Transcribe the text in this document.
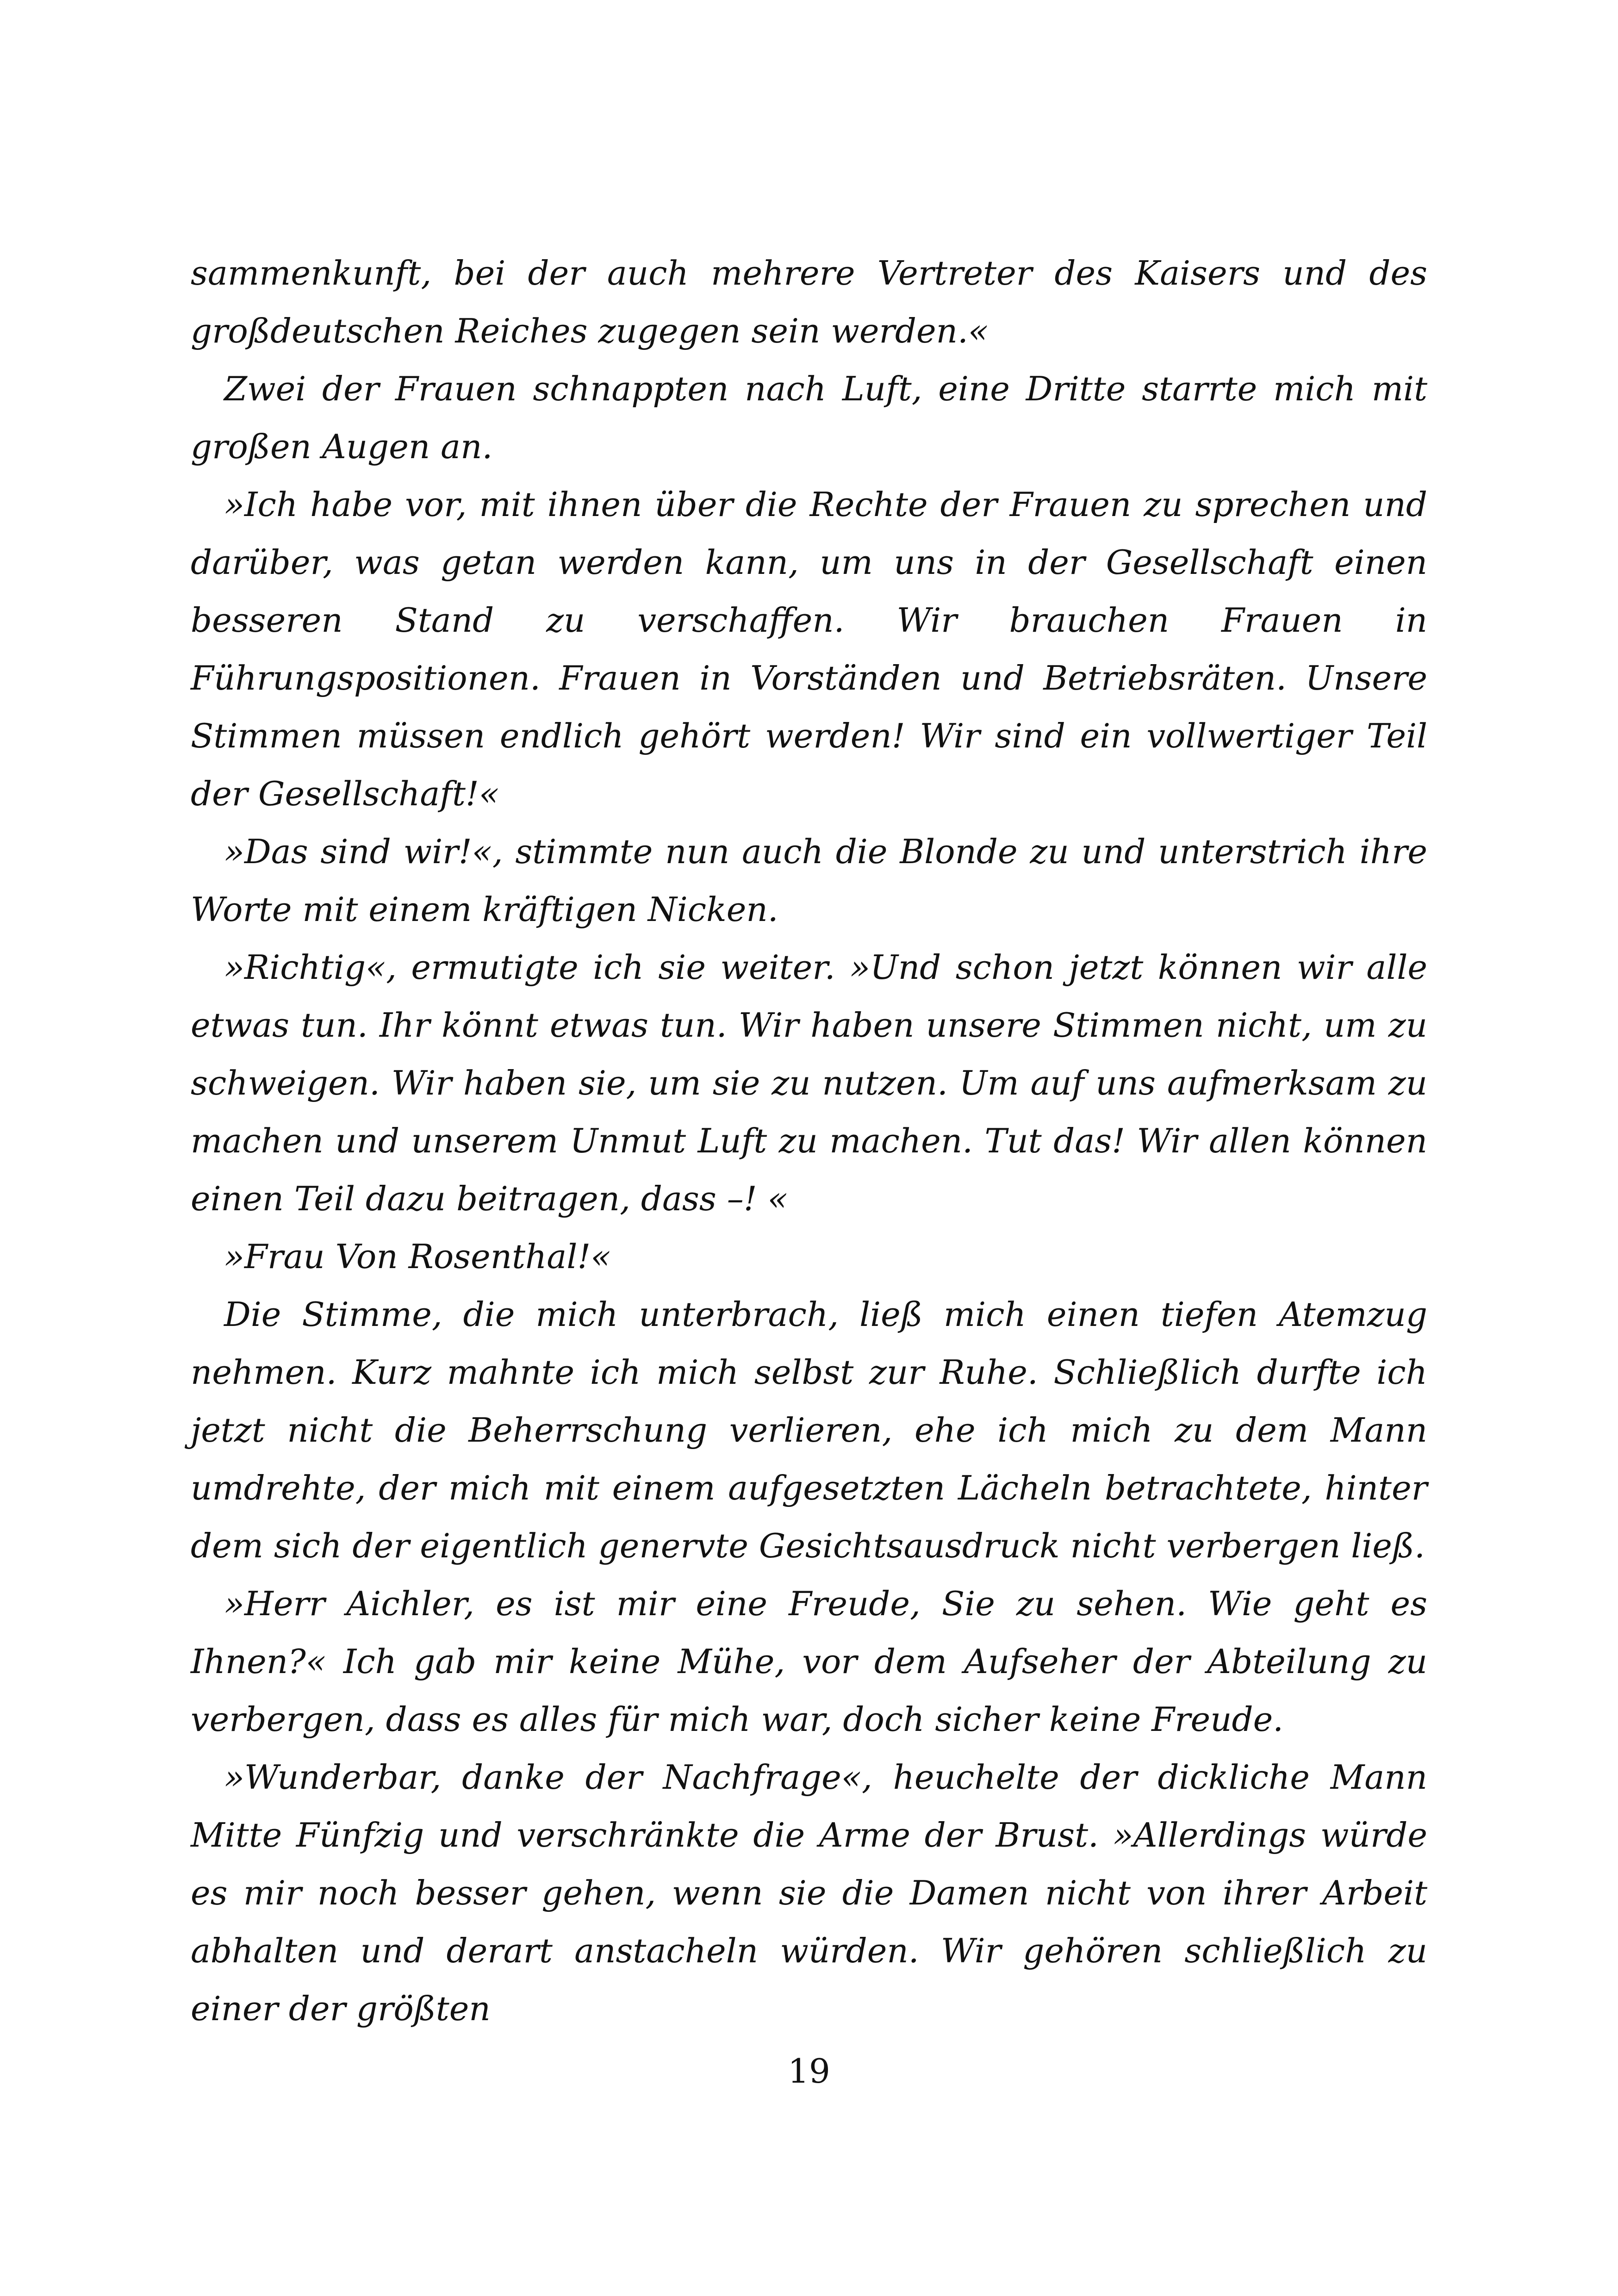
sammenkunft, bei der auch mehrere Vertreter des Kaisers und des großdeutschen Reiches zugegen sein werden.«

Zwei der Frauen schnappten nach Luft, eine Dritte starrte mich mit großen Augen an.

»Ich habe vor, mit ihnen über die Rechte der Frauen zu sprechen und darüber, was getan werden kann, um uns in der Gesellschaft einen besseren Stand zu verschaffen. Wir brauchen Frauen in Führungspositionen. Frauen in Vorständen und Betriebsräten. Unsere Stimmen müssen endlich gehört werden! Wir sind ein vollwertiger Teil der Gesellschaft!«

»Das sind wir!«, stimmte nun auch die Blonde zu und unterstrich ihre Worte mit einem kräftigen Nicken.

»Richtig«, ermutigte ich sie weiter. »Und schon jetzt können wir alle etwas tun. Ihr könnt etwas tun. Wir haben unsere Stimmen nicht, um zu schweigen. Wir haben sie, um sie zu nutzen. Um auf uns aufmerksam zu machen und unserem Unmut Luft zu machen. Tut das! Wir allen können einen Teil dazu beitragen, dass –! «

»Frau Von Rosenthal!«

Die Stimme, die mich unterbrach, ließ mich einen tiefen Atemzug nehmen. Kurz mahnte ich mich selbst zur Ruhe. Schließlich durfte ich jetzt nicht die Beherrschung verlieren, ehe ich mich zu dem Mann umdrehte, der mich mit einem aufgesetzten Lächeln betrachtete, hinter dem sich der eigentlich genervte Gesichtsausdruck nicht verbergen ließ.

»Herr Aichler, es ist mir eine Freude, Sie zu sehen. Wie geht es Ihnen?« Ich gab mir keine Mühe, vor dem Aufseher der Abteilung zu verbergen, dass es alles für mich war, doch sicher keine Freude.

»Wunderbar, danke der Nachfrage«, heuchelte der dickliche Mann Mitte Fünfzig und verschränkte die Arme der Brust. »Allerdings würde es mir noch besser gehen, wenn sie die Damen nicht von ihrer Arbeit abhalten und derart anstacheln würden. Wir gehören schließlich zu einer der größten

19
